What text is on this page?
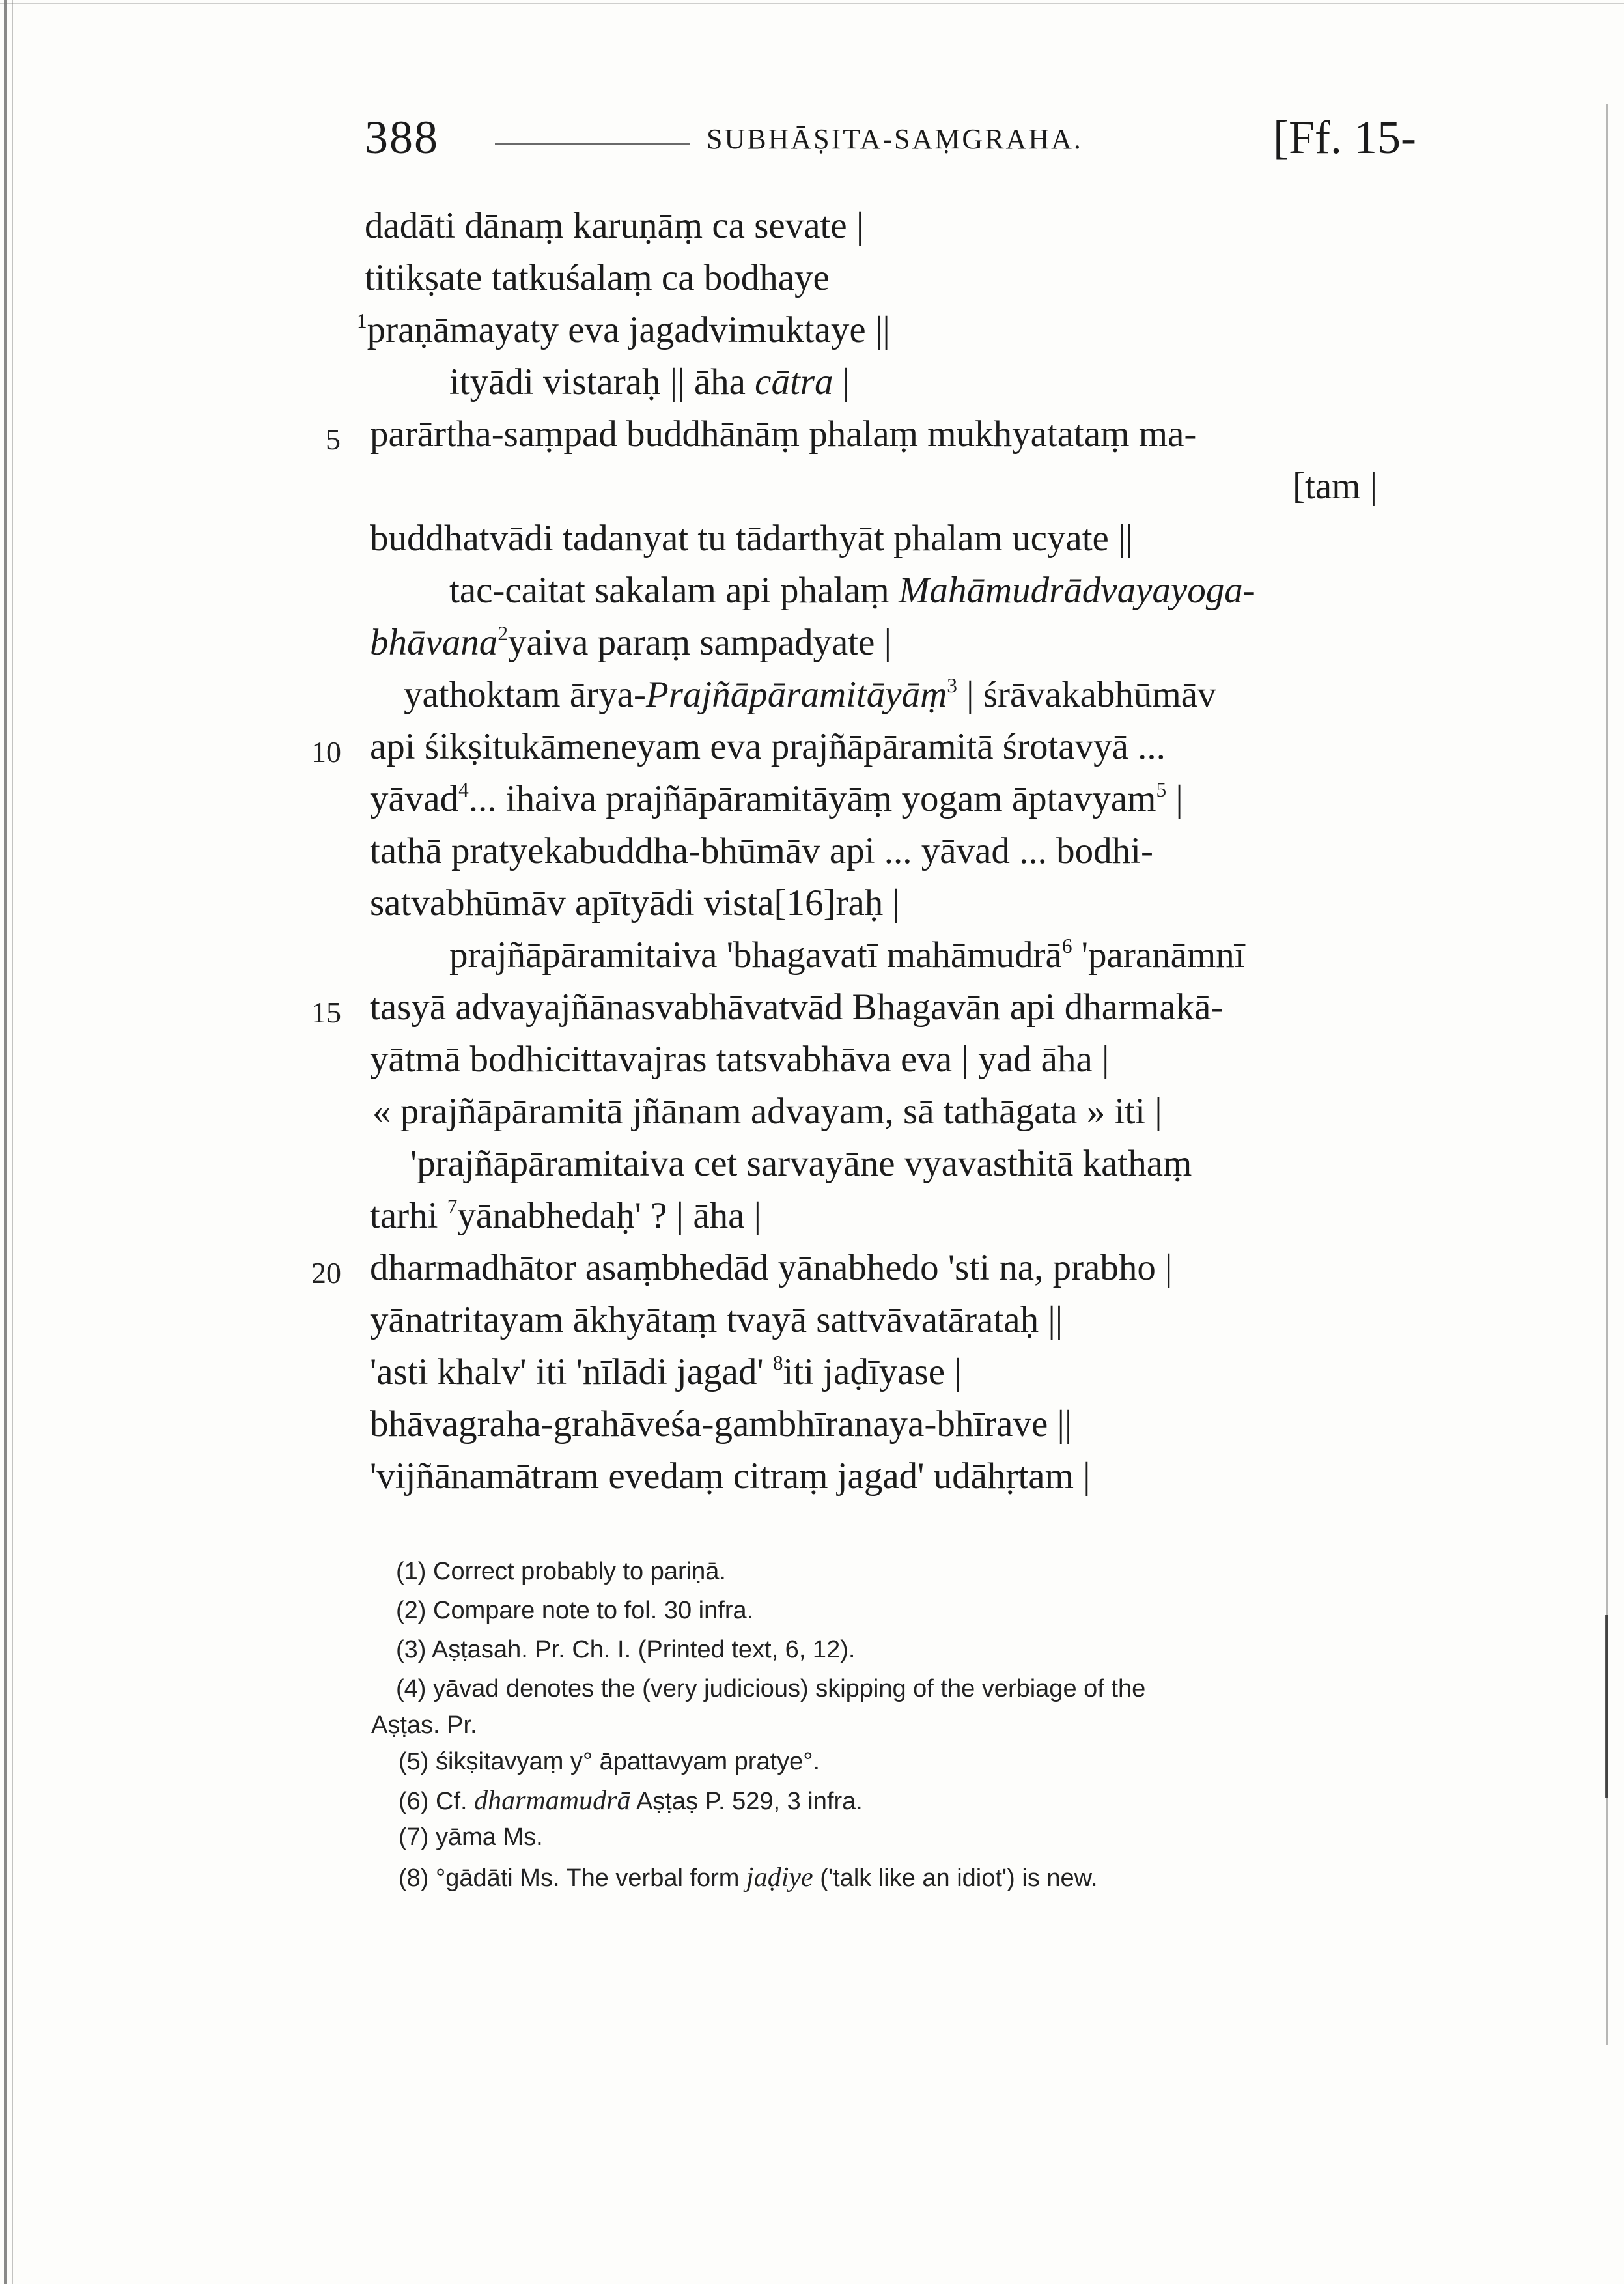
388	SUBHĀṢITA-SAṂGRAHA.	[Ff. 15-
dadāti dānaṃ karuṇāṃ ca sevate |
titikṣate tatkuśalaṃ ca bodhaye
$^1$praṇāmayaty eva jagadvimuktaye ||
ityādi vistaraḥ || āha cātra |
5 parārtha-saṃpad buddhānāṃ phalaṃ mukhyatataṃ ma-
[tam |
buddhatvādi tadanyat tu tādarthyāt phalam ucyate ||
tac-caitat sakalam api phalaṃ Mahāmudrādvayayoga-
bhāvana$^2$yaiva paraṃ sampadyate |
yathoktam ārya-Prajñāpāramitāyāṃ$^3$ | śrāvakabhūmāv
10 api śikṣitukāmeneyam eva prajñāpāramitā śrotavyā ...
yāvad$^4$... ihaiva prajñāpāramitāyāṃ yogam āptavyam$^5$ |
tathā pratyekabuddha-bhūmāv api ... yāvad ... bodhi-
satvabhūmāv apītyādi vista[16]raḥ |
prajñāpāramitaiva 'bhagavatī mahāmudrā$^6$ 'paranāmnī
15 tasyā advayajñānasvabhāvatvād Bhagavān api dharmakā-
yātmā bodhicittavajras tatsvabhāva eva | yad āha |
« prajñāpāramitā jñānam advayam, sā tathāgata » iti |
'prajñāpāramitaiva cet sarvayāne vyavasthitā kathaṃ
tarhi $^7$yānabhedaḥ' ? | āha |
20 dharmadhātor asaṃbhedād yānabhedo 'sti na, prabho |
yānatritayam ākhyātaṃ tvayā sattvāvatārataḥ ||
'asti khalv' iti 'nīlādi jagad' $^8$iti jaḍīyase |
bhāvagraha-grahāveśa-gambhīranaya-bhīrave ||
'vijñānamātram evedaṃ citraṃ jagad' udāhṛtam |
(1) Correct probably to pariṇā.
(2) Compare note to fol. 30 infra.
(3) Aṣṭasah. Pr. Ch. I. (Printed text, 6, 12).
(4) yāvad denotes the (very judicious) skipping of the verbiage of the
Aṣṭas. Pr.
(5) śikṣitavyaṃ y° āpattavyam pratye°.
(6) Cf. dharmamudrā Aṣṭaṣ P. 529, 3 infra.
(7) yāma Ms.
(8) °gādāti Ms. The verbal form jaḍiye ('talk like an idiot') is new.
